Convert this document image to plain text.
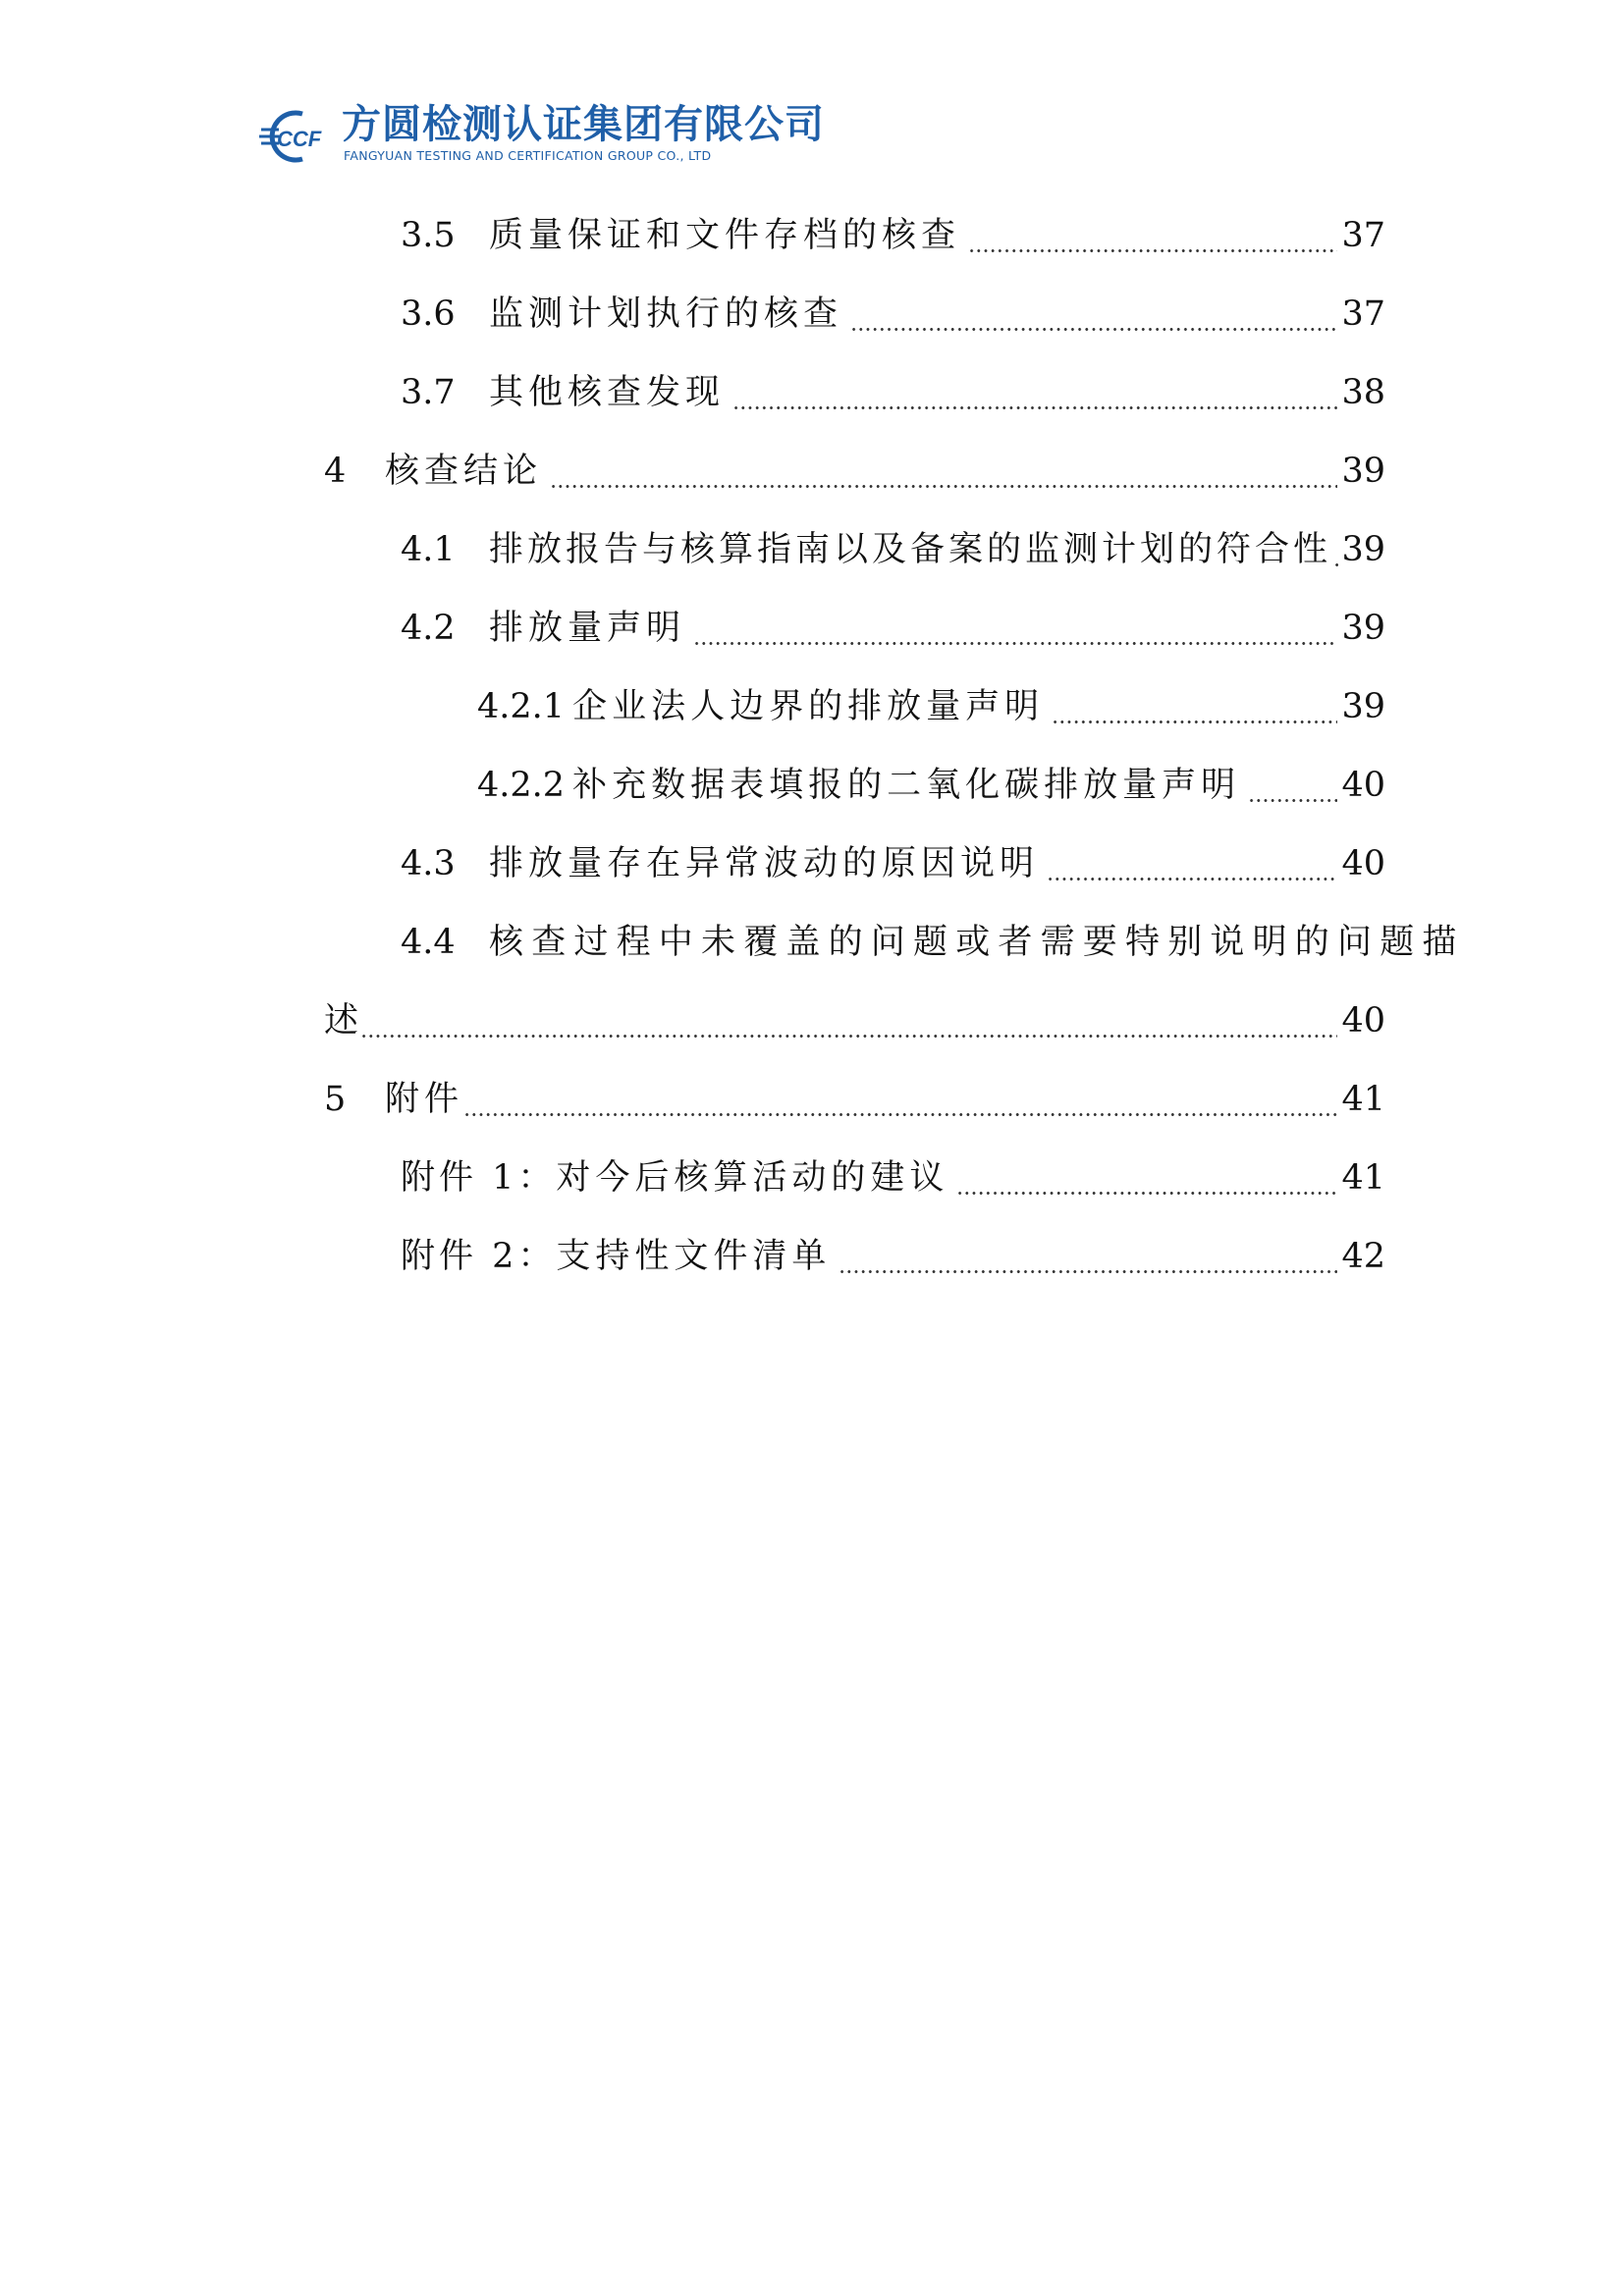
CCF 方圆检测认证集团有限公司
FANGYUAN TESTING AND CERTIFICATION GROUP CO., LTD
3.5 质量保证和文件存档的核查	37
3.6 监测计划执行的核查	37
3.7 其他核查发现	38
4	核查结论	39
4.1 排放报告与核算指南以及备案的监测计划的符合性 39
4.2 排放量声明	39
4.2.1 企业法人边界的排放量声明	39
4.2.2 补充数据表填报的二氧化碳排放量声明	40
4.3 排放量存在异常波动的原因说明	40
4.4 核查过程中未覆盖的问题或者需要特别说明的问题描
述	40
5	附件	41
附件 1： 对今后核算活动的建议	41
附件 2： 支持性文件清单	42
